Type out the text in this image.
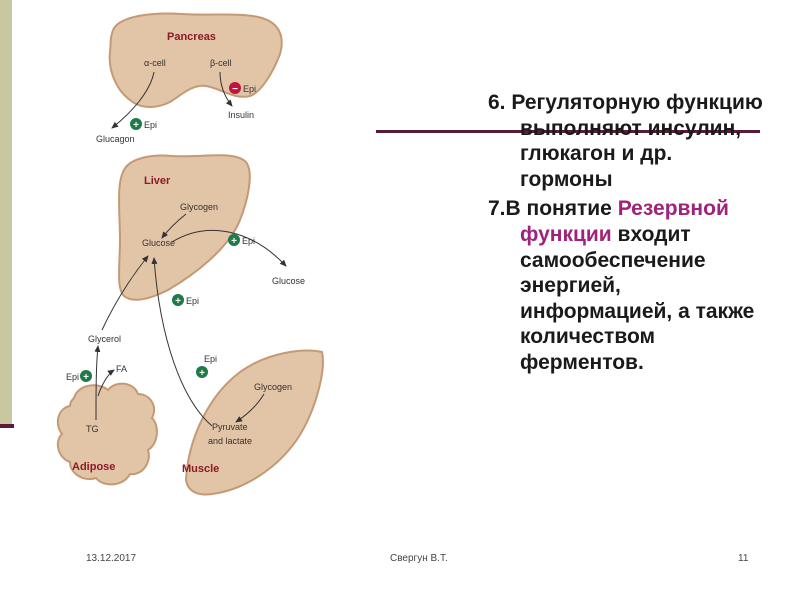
Pancreas
α-cell	β-cell
+ Epi
Glucagon
− Epi
Insulin
Liver
Glycogen
Glucose
Glucose
+ Epi
+ Epi
TG
Adipose
Glycerol
FA
Epi +
Muscle
Glycogen
Pyruvate
and lactate
Epi
+

6. Регуляторную функцию выполняют инсулин, глюкагон и др. гормоны

7.В понятие Резервной функции входит самообеспечение энергией, информацией, а также количеством ферментов.

13.12.2017	Свергун В.Т.	11
